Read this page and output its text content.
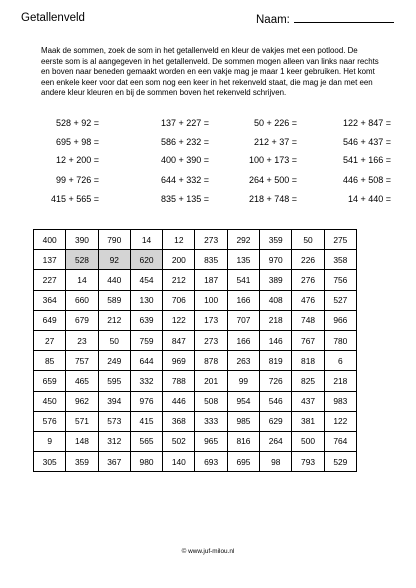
Getallenveld	Naam:

Maak de sommen, zoek de som in het getallenveld en kleur de vakjes met een potlood. De eerste som is al aangegeven in het getallenveld. De sommen mogen alleen van links naar rechts en boven naar beneden gemaakt worden en een vakje mag je maar 1 keer gebruiken. Het komt een enkele keer voor dat een som nog een keer in het rekenveld staat, die mag je dan met een andere kleur kleuren en bij de sommen boven het rekenveld schrijven.

528 + 92 =	137 + 227 =	50 + 226 =	122 + 847 =
695 + 98 =	586 + 232 =	212 + 37 =	546 + 437 =
12 + 200 =	400 + 390 =	100 + 173 =	541 + 166 =
99 + 726 =	644 + 332 =	264 + 500 =	446 + 508 =
415 + 565 =	835 + 135 =	218 + 748 =	14 + 440 =
400	390	790	14	12	273	292	359	50	275
137	528	92	620	200	835	135	970	226	358
227	14	440	454	212	187	541	389	276	756
364	660	589	130	706	100	166	408	476	527
649	679	212	639	122	173	707	218	748	966
27	23	50	759	847	273	166	146	767	780
85	757	249	644	969	878	263	819	818	6
659	465	595	332	788	201	99	726	825	218
450	962	394	976	446	508	954	546	437	983
576	571	573	415	368	333	985	629	381	122
9	148	312	565	502	965	816	264	500	764
305	359	367	980	140	693	695	98	793	529
© www.juf-milou.nl
